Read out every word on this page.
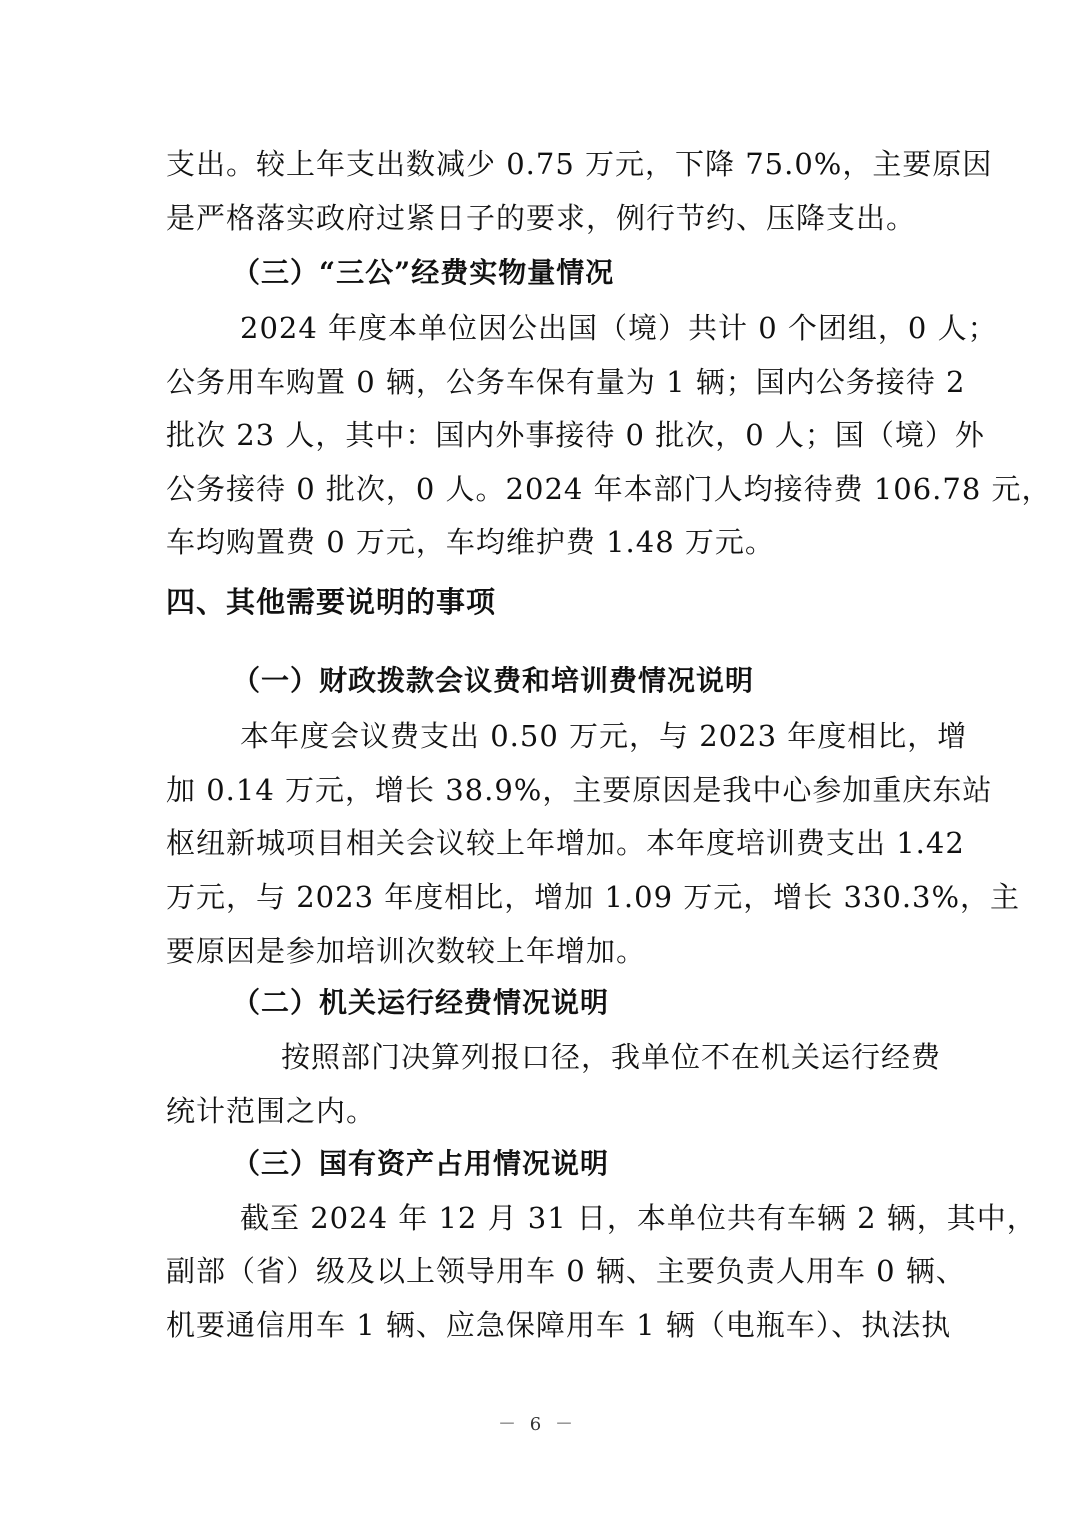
支出。较上年支出数减少 0.75 万元，下降 75.0%，主要原因
是严格落实政府过紧日子的要求，例行节约、压降支出。
（三）“三公”经费实物量情况
2024 年度本单位因公出国（境）共计 0 个团组，0 人；
公务用车购置 0 辆，公务车保有量为 1 辆；国内公务接待 2
批次 23 人，其中：国内外事接待 0 批次，0 人；国（境）外
公务接待 0 批次，0 人。2024 年本部门人均接待费 106.78 元，
车均购置费 0 万元，车均维护费 1.48 万元。
四、其他需要说明的事项
（一）财政拨款会议费和培训费情况说明
本年度会议费支出 0.50 万元，与 2023 年度相比，增
加 0.14 万元，增长 38.9%，主要原因是我中心参加重庆东站
枢纽新城项目相关会议较上年增加。本年度培训费支出 1.42
万元，与 2023 年度相比，增加 1.09 万元，增长 330.3%，主
要原因是参加培训次数较上年增加。
（二）机关运行经费情况说明
按照部门决算列报口径，我单位不在机关运行经费
统计范围之内。
（三）国有资产占用情况说明
截至 2024 年 12 月 31 日，本单位共有车辆 2 辆，其中，
副部（省）级及以上领导用车 0 辆、主要负责人用车 0 辆、
机要通信用车 1 辆、应急保障用车 1 辆（电瓶车）、执法执
－ 6 －
